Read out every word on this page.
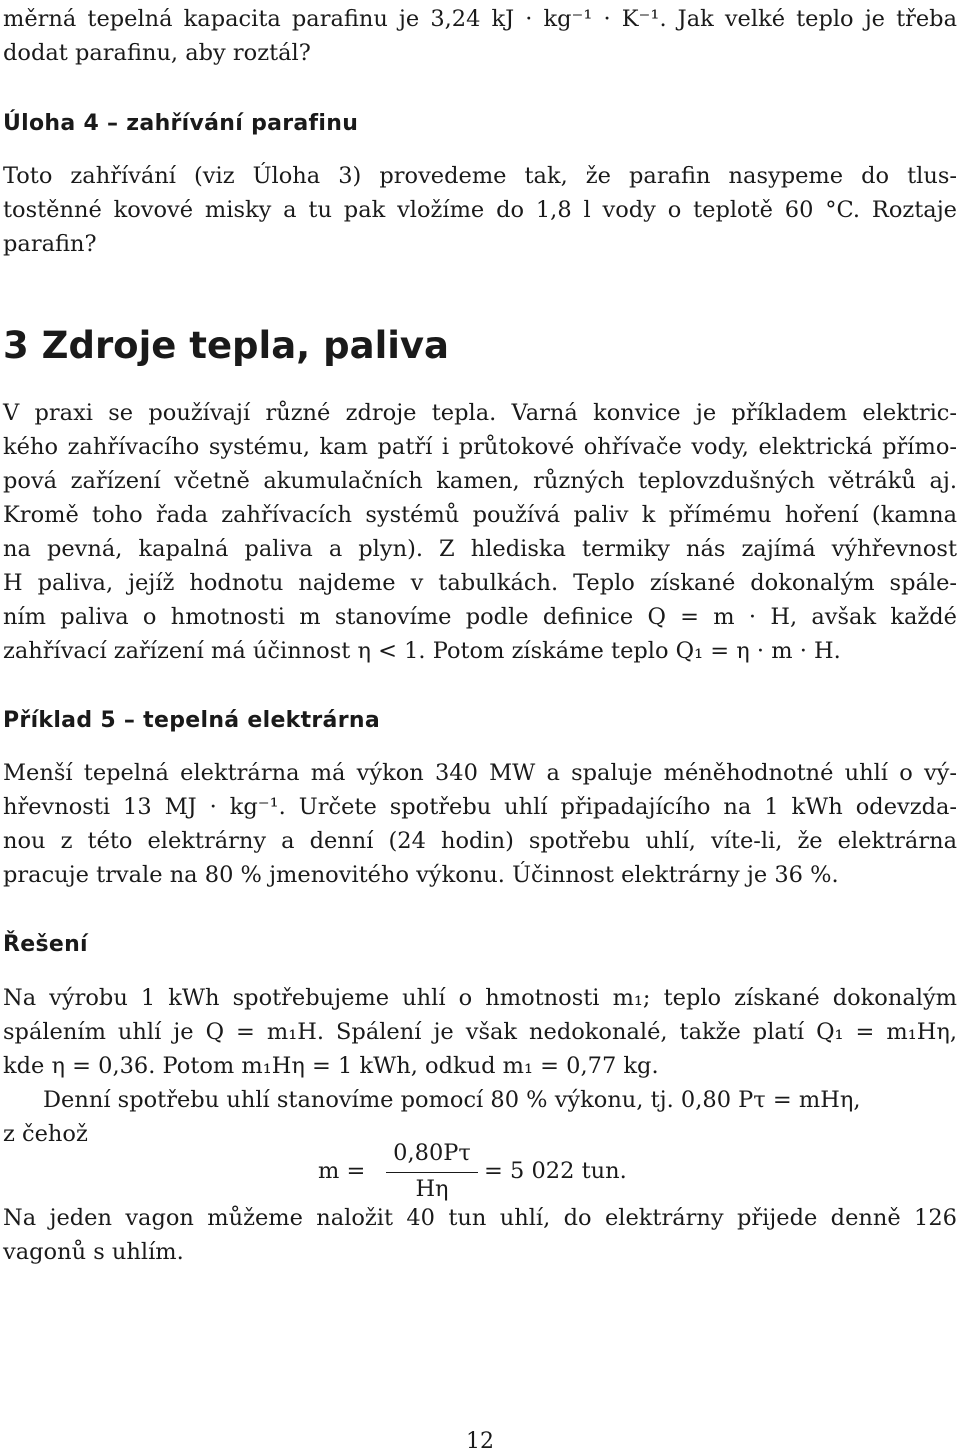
měrná tepelná kapacita parafinu je 3,24 kJ · kg⁻¹ · K⁻¹. Jak velké teplo je třeba
dodat parafinu, aby roztál?
Úloha 4 – zahřívání parafinu
Toto zahřívání (viz Úloha 3) provedeme tak, že parafin nasypeme do tlus-
tostěnné kovové misky a tu pak vložíme do 1,8 l vody o teplotě 60 °C. Roztaje
parafin?
3 Zdroje tepla, paliva
V praxi se používají různé zdroje tepla. Varná konvice je příkladem elektric-
kého zahřívacího systému, kam patří i průtokové ohřívače vody, elektrická přímo-
pová zařízení včetně akumulačních kamen, různých teplovzdušných větráků aj.
Kromě toho řada zahřívacích systémů používá paliv k přímému hoření (kamna
na pevná, kapalná paliva a plyn). Z hlediska termiky nás zajímá výhřevnost
H paliva, jejíž hodnotu najdeme v tabulkách. Teplo získané dokonalým spále-
ním paliva o hmotnosti m stanovíme podle definice Q = m · H, avšak každé
zahřívací zařízení má účinnost η < 1. Potom získáme teplo Q₁ = η · m · H.
Příklad 5 – tepelná elektrárna
Menší tepelná elektrárna má výkon 340 MW a spaluje méněhodnotné uhlí o vý-
hřevnosti 13 MJ · kg⁻¹. Určete spotřebu uhlí připadajícího na 1 kWh odevzda-
nou z této elektrárny a denní (24 hodin) spotřebu uhlí, víte-li, že elektrárna
pracuje trvale na 80 % jmenovitého výkonu. Účinnost elektrárny je 36 %.
Řešení
Na výrobu 1 kWh spotřebujeme uhlí o hmotnosti m₁; teplo získané dokonalým
spálením uhlí je Q = m₁H. Spálení je však nedokonalé, takže platí Q₁ = m₁Hη,
kde η = 0,36. Potom m₁Hη = 1 kWh, odkud m₁ = 0,77 kg.
Denní spotřebu uhlí stanovíme pomocí 80 % výkonu, tj. 0,80 Pτ = mHη,
z čehož
m =
0,80Pτ
Hη
= 5 022 tun.
Na jeden vagon můžeme naložit 40 tun uhlí, do elektrárny přijede denně 126
vagonů s uhlím.
12
